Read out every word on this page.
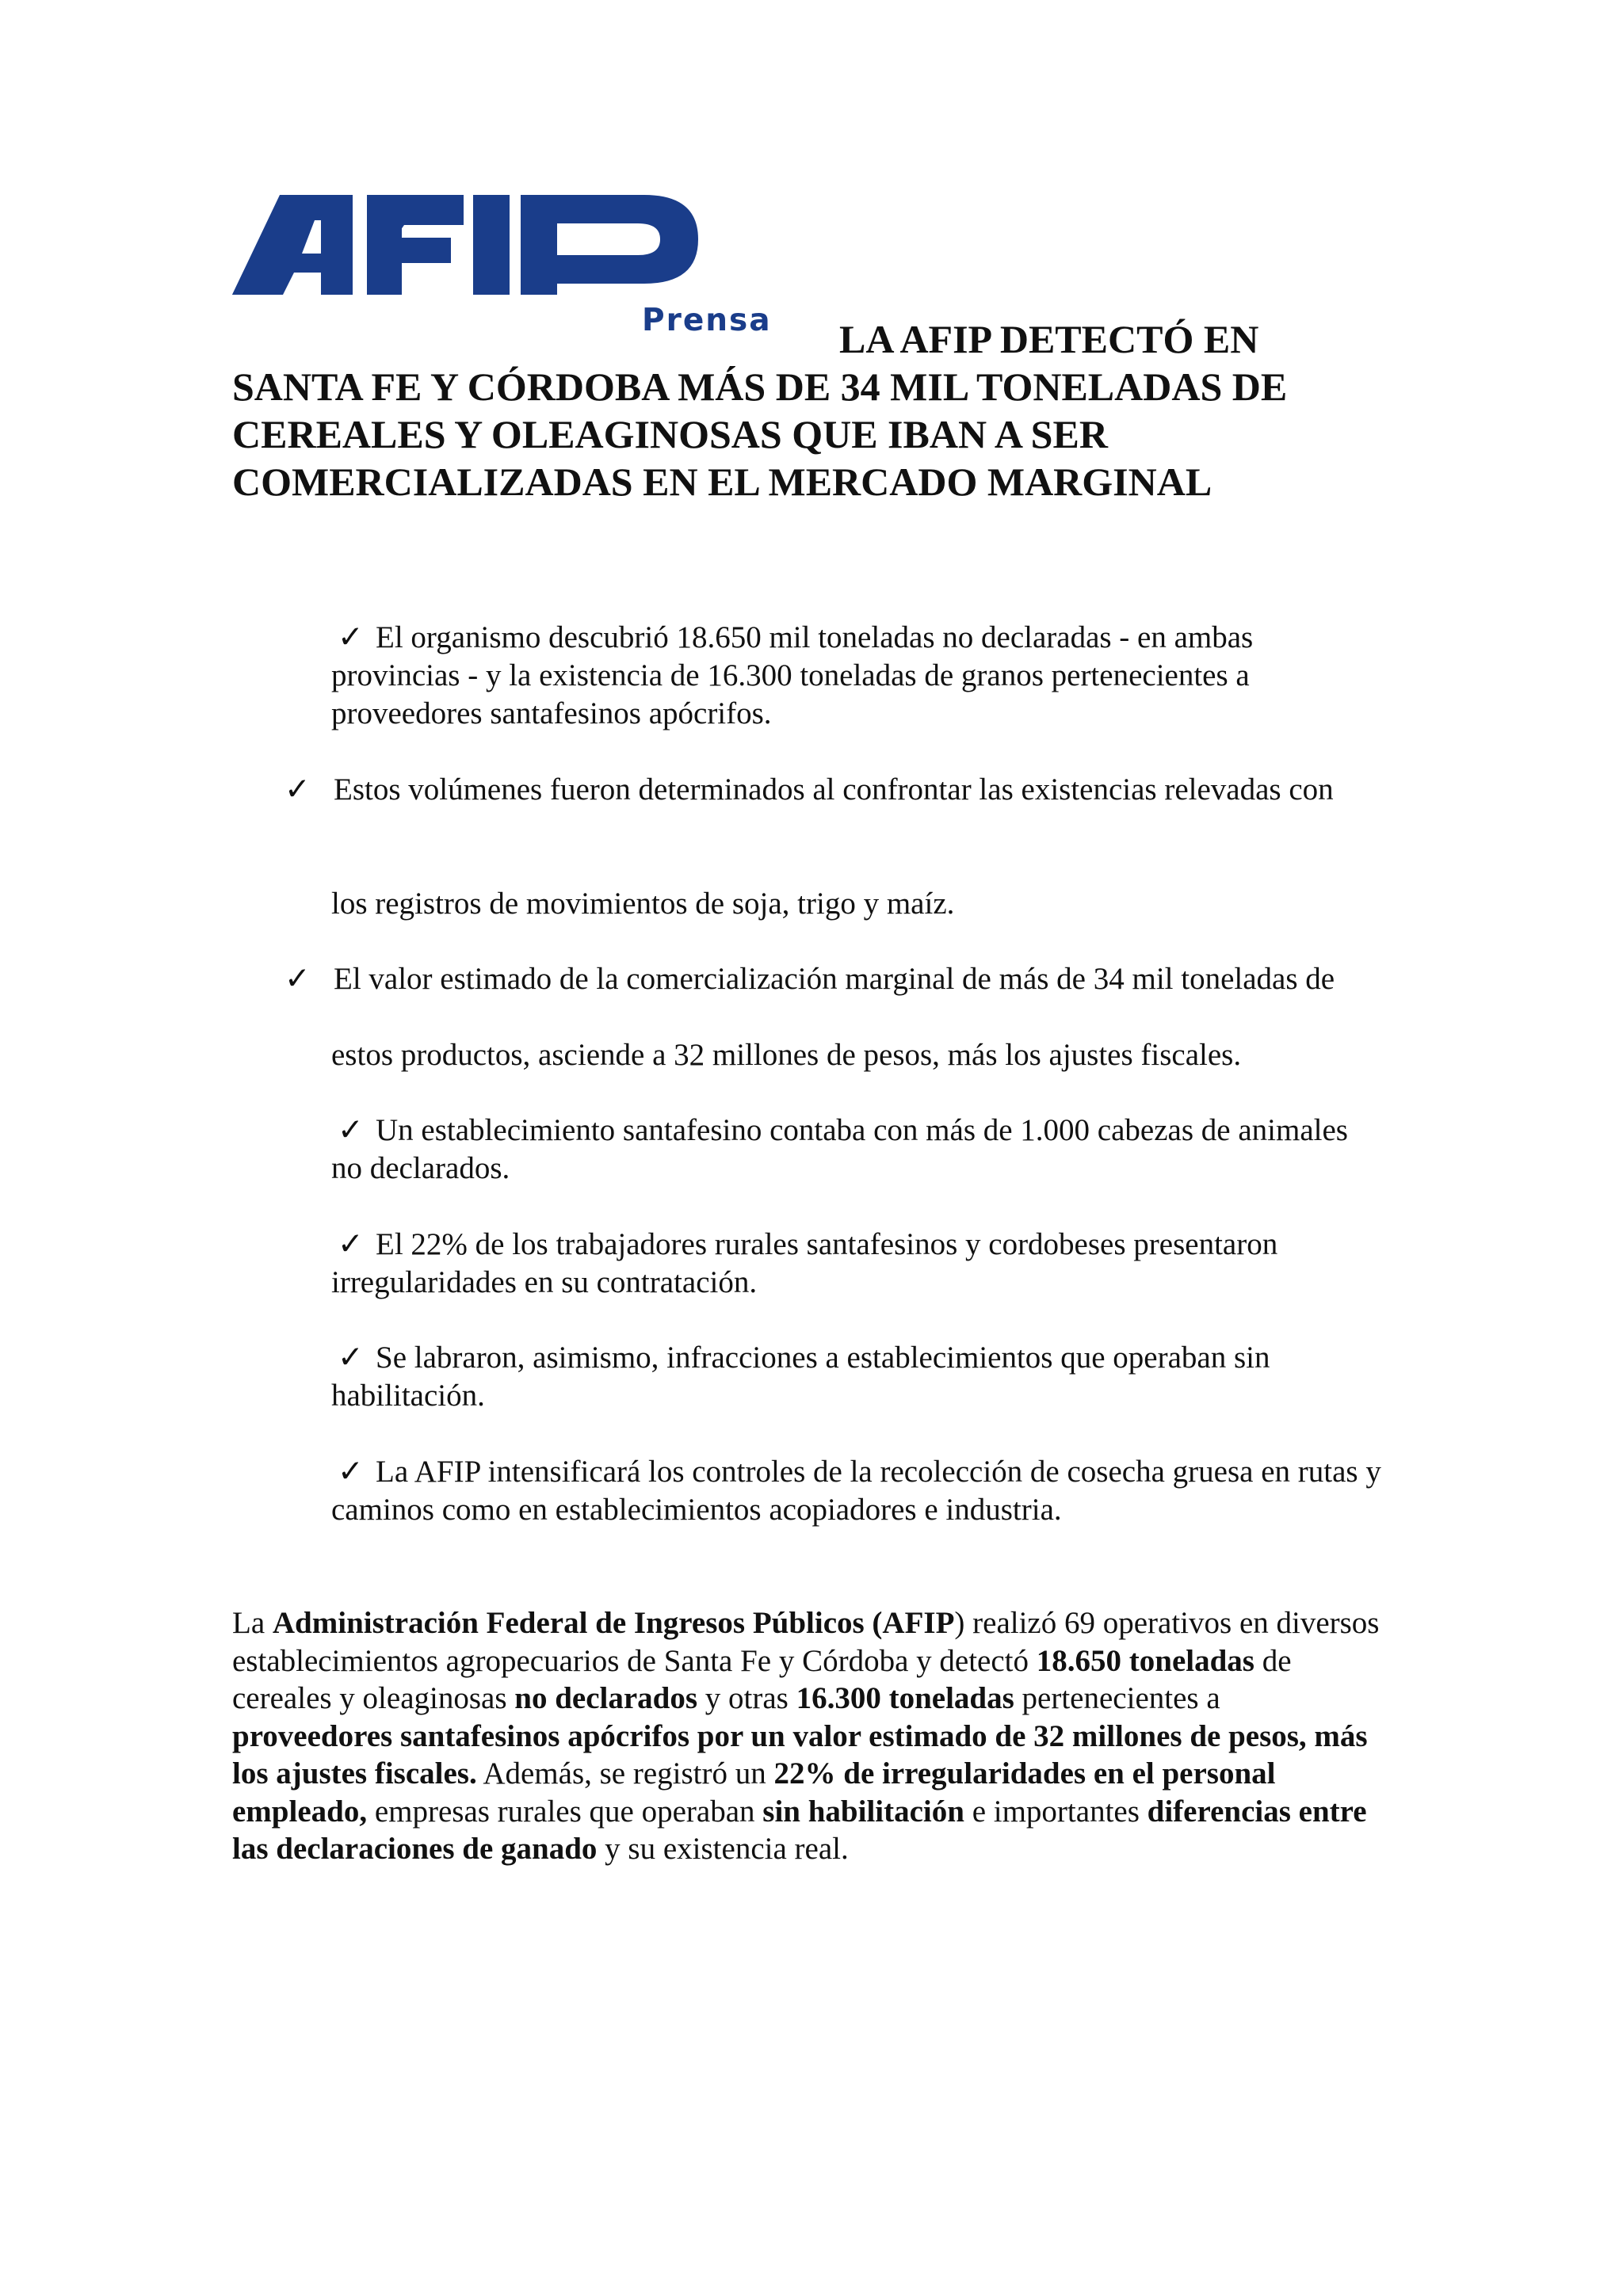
Prensa	LA AFIP DETECTÓ EN
SANTA FE Y CÓRDOBA MÁS DE 34 MIL TONELADAS DE CEREALES Y OLEAGINOSAS QUE IBAN A SER COMERCIALIZADAS EN EL MERCADO MARGINAL

✓ El organismo descubrió 18.650 mil toneladas no declaradas - en ambas provincias - y la existencia de 16.300 toneladas de granos pertenecientes a proveedores santafesinos apócrifos.

✓ Estos volúmenes fueron determinados al confrontar las existencias relevadas con

los registros de movimientos de soja, trigo y maíz.

✓ El valor estimado de la comercialización marginal de más de 34 mil toneladas de

estos productos, asciende a 32 millones de pesos, más los ajustes fiscales.

✓ Un establecimiento santafesino contaba con más de 1.000 cabezas de animales no declarados.

✓ El 22% de los trabajadores rurales santafesinos y cordobeses presentaron irregularidades en su contratación.

✓ Se labraron, asimismo, infracciones a establecimientos que operaban sin habilitación.

✓ La AFIP intensificará los controles de la recolección de cosecha gruesa en rutas y caminos como en establecimientos acopiadores e industria.

La Administración Federal de Ingresos Públicos (AFIP) realizó 69 operativos en diversos establecimientos agropecuarios de Santa Fe y Córdoba y detectó 18.650 toneladas de cereales y oleaginosas no declarados y otras 16.300 toneladas pertenecientes a proveedores santafesinos apócrifos por un valor estimado de 32 millones de pesos, más los ajustes fiscales. Además, se registró un 22% de irregularidades en el personal empleado, empresas rurales que operaban sin habilitación e importantes diferencias entre las declaraciones de ganado y su existencia real.
